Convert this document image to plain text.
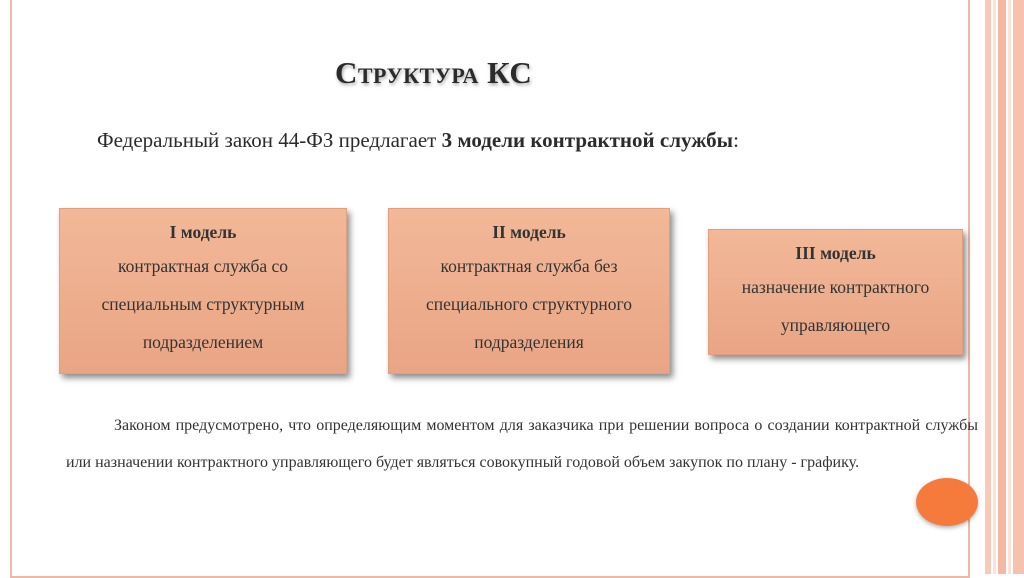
Структура КС
Федеральный закон 44-ФЗ предлагает 3 модели контрактной службы:
I модель
контрактная служба со
специальным структурным
подразделением
II модель
контрактная служба без
специального структурного
подразделения
III модель
назначение контрактного
управляющего
Законом предусмотрено, что определяющим моментом для заказчика при решении вопроса о создании контрактной службы или назначении контрактного управляющего будет являться совокупный годовой объем закупок по плану - графику.
